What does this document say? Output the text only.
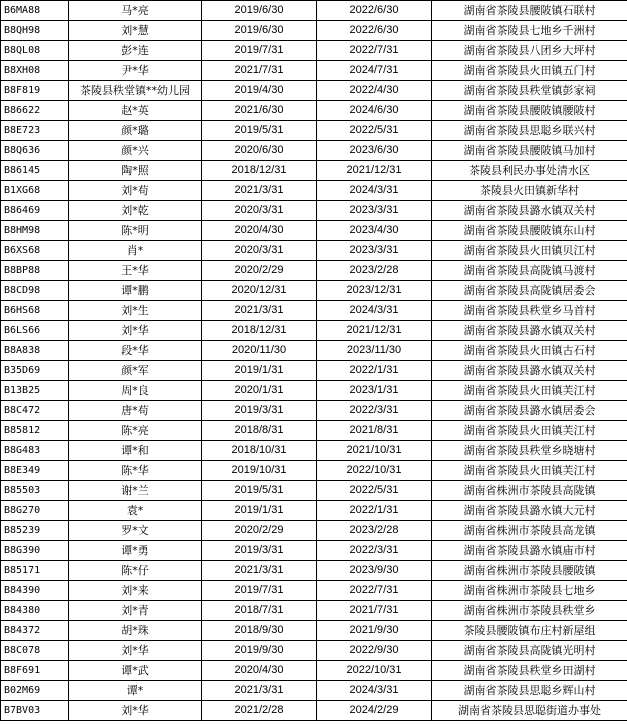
B6MA88	马*亮	2019/6/30	2022/6/30	湖南省茶陵县腰陂镇石联村
B8QH98	刘*慧	2019/6/30	2022/6/30	湖南省茶陵县七地乡千洲村
B8QL08	彭*连	2019/7/31	2022/7/31	湖南省茶陵县八团乡大坪村
B8XH08	尹*华	2021/7/31	2024/7/31	湖南省茶陵县火田镇五门村
B8F819	茶陵县秩堂镇**幼儿园	2019/4/30	2022/4/30	湖南省茶陵县秩堂镇彭家祠
B86622	赵*英	2021/6/30	2024/6/30	湖南省茶陵县腰陂镇腰陂村
B8E723	颜*璐	2019/5/31	2022/5/31	湖南省茶陵县思聪乡联兴村
B8Q636	颜*兴	2020/6/30	2023/6/30	湖南省茶陵县腰陂镇马加村
B86145	陶*照	2018/12/31	2021/12/31	茶陵县利民办事处清水区
B1XG68	刘*苟	2021/3/31	2024/3/31	茶陵县火田镇新华村
B86469	刘*乾	2020/3/31	2023/3/31	湖南省茶陵县潞水镇双关村
B8HM98	陈*明	2020/4/30	2023/4/30	湖南省茶陵县腰陂镇东山村
B6XS68	肖*	2020/3/31	2023/3/31	湖南省茶陵县火田镇贝江村
B8BP88	王*华	2020/2/29	2023/2/28	湖南省茶陵县高陇镇马渡村
B8CD98	谭*鹏	2020/12/31	2023/12/31	湖南省茶陵县高陇镇居委会
B6HS68	刘*生	2021/3/31	2024/3/31	湖南省茶陵县秩堂乡马首村
B6LS66	刘*华	2018/12/31	2021/12/31	湖南省茶陵县潞水镇双关村
B8A838	段*华	2020/11/30	2023/11/30	湖南省茶陵县火田镇古石村
B35D69	颜*军	2019/1/31	2022/1/31	湖南省茶陵县潞水镇双关村
B13B25	周*良	2020/1/31	2023/1/31	湖南省茶陵县火田镇芙江村
B8C472	唐*苟	2019/3/31	2022/3/31	湖南省茶陵县潞水镇居委会
B85812	陈*亮	2018/8/31	2021/8/31	湖南省茶陵县火田镇芙江村
B8G483	谭*和	2018/10/31	2021/10/31	湖南省茶陵县秩堂乡晓塘村
B8E349	陈*华	2019/10/31	2022/10/31	湖南省茶陵县火田镇芙江村
B85503	谢*兰	2019/5/31	2022/5/31	湖南省株洲市茶陵县高陇镇
B8G270	袁*	2019/1/31	2022/1/31	湖南省茶陵县潞水镇大元村
B85239	罗*文	2020/2/29	2023/2/28	湖南省株洲市茶陵县高龙镇
B8G390	谭*勇	2019/3/31	2022/3/31	湖南省茶陵县潞水镇庙市村
B85171	陈*仔	2021/3/31	2023/9/30	湖南省株洲市茶陵县腰陂镇
B84390	刘*来	2019/7/31	2022/7/31	湖南省株洲市茶陵县七地乡
B84380	刘*青	2018/7/31	2021/7/31	湖南省株洲市茶陵县秩堂乡
B84372	胡*珠	2018/9/30	2021/9/30	茶陵县腰陂镇布庄村新屋组
B8C078	刘*华	2019/9/30	2022/9/30	湖南省茶陵县高陇镇光明村
B8F691	谭*武	2020/4/30	2022/10/31	湖南省茶陵县秩堂乡田湖村
B02M69	谭*	2021/3/31	2024/3/31	湖南省茶陵县思聪乡辉山村
B7BV03	刘*华	2021/2/28	2024/2/29	湖南省茶陵县思聪街道办事处
